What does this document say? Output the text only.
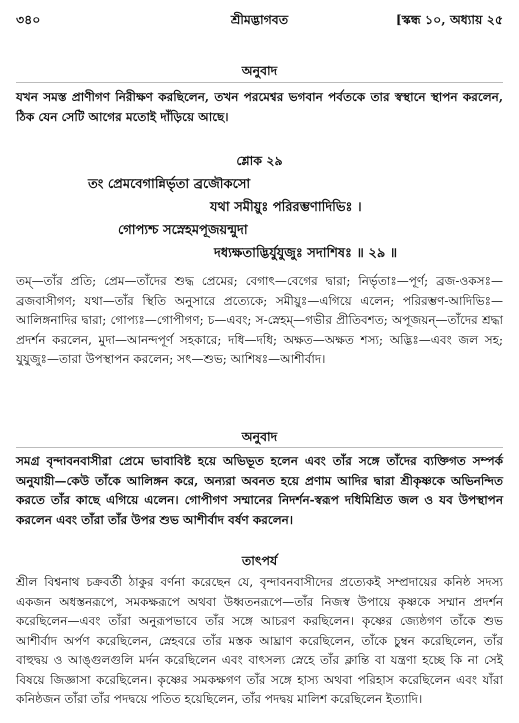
৩৪০	শ্রীমদ্ভাগবত	[স্কন্ধ ১০, অধ্যায় ২৫
অনুবাদ

যখন সমস্ত প্রাণীগণ নিরীক্ষণ করছিলেন, তখন পরমেশ্বর ভগবান পর্বতকে তার স্বস্থানে স্থাপন করলেন, ঠিক যেন সেটি আগের মতোই দাঁড়িয়ে আছে।

শ্লোক ২৯
তং প্রেমবেগান্নির্ভৃতা ব্রজৌকসো
যথা সমীয়ুঃ পরিরম্ভণাদিভিঃ ।
গোপ্যশ্চ সস্নেহমপূজয়ন্মুদা
দধ্যক্ষতাদ্ভির্যুযুজুঃ সদাশিষঃ ॥ ২৯ ॥

তম্—তাঁর প্রতি; প্রেম—তাঁদের শুদ্ধ প্রেমের; বেগাৎ—বেগের দ্বারা; নির্ভৃতাঃ—পূর্ণ; ব্রজ-ওকসঃ—ব্রজবাসীগণ; যথা—তাঁর স্থিতি অনুসারে প্রত্যেকে; সমীয়ুঃ—এগিয়ে এলেন; পরিরম্ভণ-আদিভিঃ—আলিঙ্গনাদির দ্বারা; গোপ্যঃ—গোপীগণ; চ—এবং; স-স্নেহম্—গভীর প্রীতিবশত; অপূজয়ন্—তাঁদের শ্রদ্ধা প্রদর্শন করলেন, মুদা—আনন্দপূর্ণ সহকারে; দধি—দধি; অক্ষত—অক্ষত শস্য; অদ্ভিঃ—এবং জল সহ; যুযুজুঃ—তারা উপস্থাপন করলেন; সৎ—শুভ; আশিষঃ—আশীর্বাদ।

অনুবাদ

সমগ্র বৃন্দাবনবাসীরা প্রেমে ভাবাবিষ্ট হয়ে অভিভূত হলেন এবং তাঁর সঙ্গে তাঁদের ব্যক্তিগত সম্পর্ক অনুযায়ী—কেউ তাঁকে আলিঙ্গন করে, অন্যরা অবনত হয়ে প্রণাম আদির দ্বারা শ্রীকৃষ্ণকে অভিনন্দিত করতে তাঁর কাছে এগিয়ে এলেন। গোপীগণ সম্মানের নিদর্শন-স্বরূপ দধিমিশ্রিত জল ও যব উপস্থাপন করলেন এবং তাঁরা তাঁর উপর শুভ আশীর্বাদ বর্ষণ করলেন।

তাৎপর্য

শ্রীল বিশ্বনাথ চক্রবর্তী ঠাকুর বর্ণনা করেছেন যে, বৃন্দাবনবাসীদের প্রত্যেকই সম্প্রদায়ের কনিষ্ঠ সদস্য একজন অধস্তনরূপে, সমকক্ষরূপে অথবা উধ্বতনরূপে—তাঁর নিজস্ব উপায়ে কৃষ্ণকে সম্মান প্রদর্শন করেছিলেন—এবং তাঁরা অনুরূপভাবে তাঁর সঙ্গে আচরণ করছিলেন। কৃষ্ণের জ্যেষ্ঠগণ তাঁকে শুভ আশীর্বাদ অর্পণ করেছিলেন, স্নেহবরে তাঁর মস্তক আঘ্রাণ করেছিলেন, তাঁকে চুম্বন করেছিলেন, তাঁর বাহুদ্বয় ও আঙ্গুলগুলি মর্দন করেছিলেন এবং বাৎসল্য স্নেহে তাঁর ক্লান্তি বা যন্ত্রণা হচ্ছে কি না সেই বিষয়ে জিজ্ঞাসা করেছিলেন। কৃষ্ণের সমকক্ষগণ তাঁর সঙ্গে হাস্য অথবা পরিহাস করেছিলেন এবং যাঁরা কনিষ্ঠজন তাঁরা তাঁর পদদ্বয়ে পতিত হয়েছিলেন, তাঁর পদদ্বয় মালিশ করেছিলেন ইত্যাদি।
